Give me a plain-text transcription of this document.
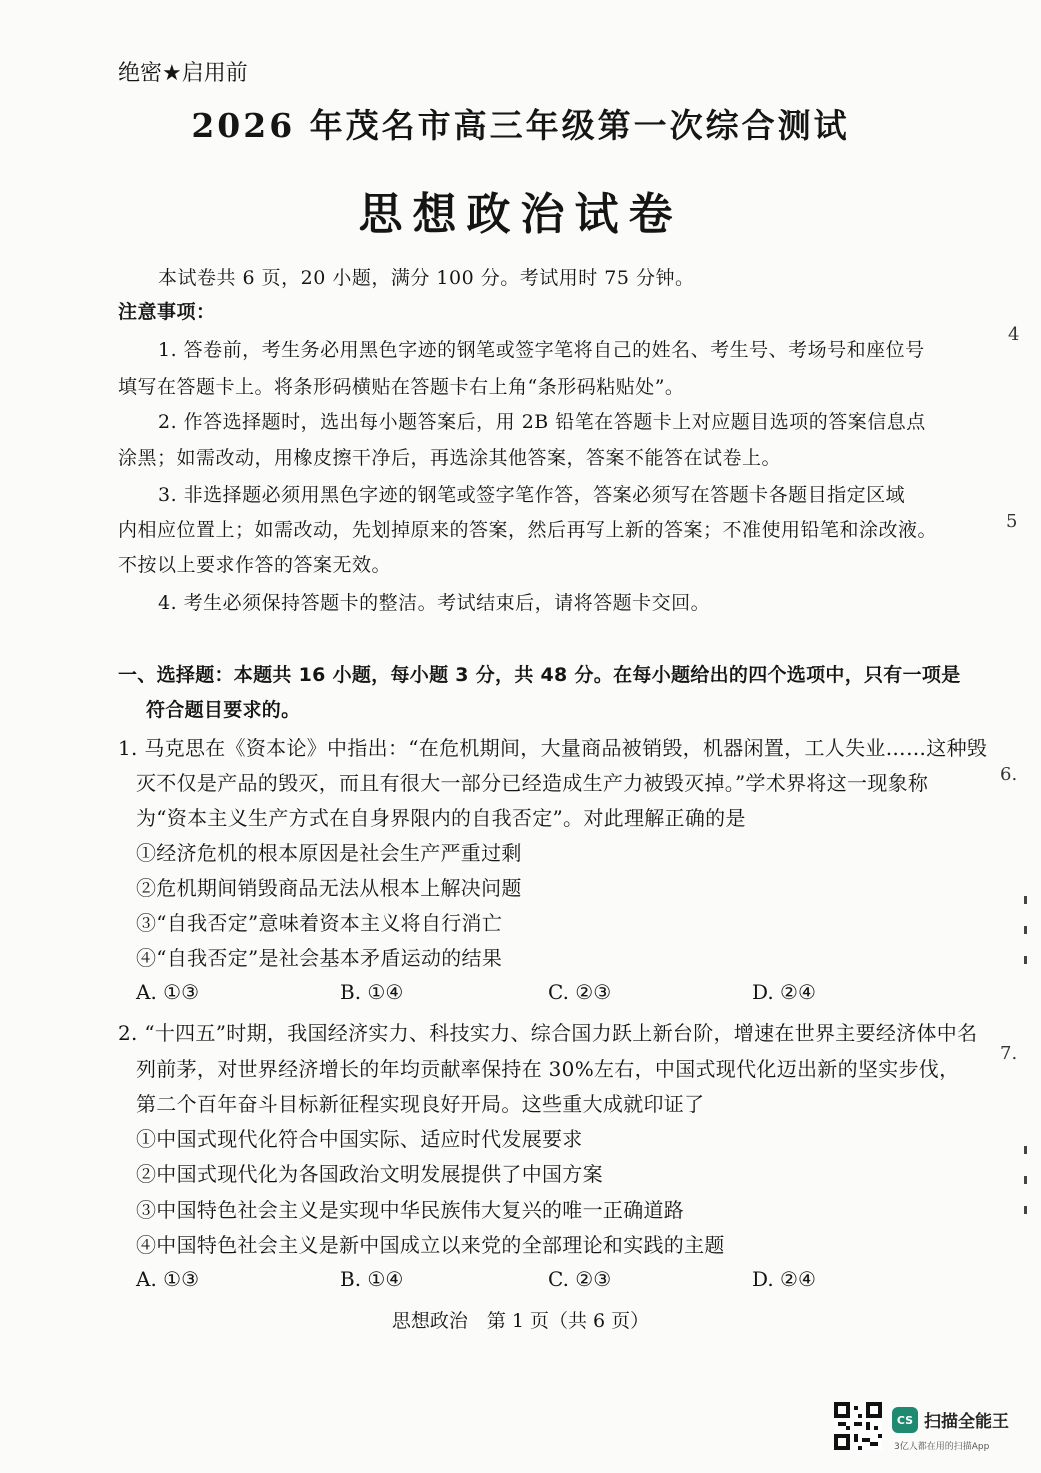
绝密★启用前
2026 年茂名市高三年级第一次综合测试
思想政治试卷
本试卷共 6 页，20 小题，满分 100 分。考试用时 75 分钟。
注意事项：
1. 答卷前，考生务必用黑色字迹的钢笔或签字笔将自己的姓名、考生号、考场号和座位号
填写在答题卡上。将条形码横贴在答题卡右上角“条形码粘贴处”。
2. 作答选择题时，选出每小题答案后，用 2B 铅笔在答题卡上对应题目选项的答案信息点
涂黑；如需改动，用橡皮擦干净后，再选涂其他答案，答案不能答在试卷上。
3. 非选择题必须用黑色字迹的钢笔或签字笔作答，答案必须写在答题卡各题目指定区域
内相应位置上；如需改动，先划掉原来的答案，然后再写上新的答案；不准使用铅笔和涂改液。
不按以上要求作答的答案无效。
4. 考生必须保持答题卡的整洁。考试结束后，请将答题卡交回。
一、选择题：本题共 16 小题，每小题 3 分，共 48 分。在每小题给出的四个选项中，只有一项是
符合题目要求的。
1. 马克思在《资本论》中指出：“在危机期间，大量商品被销毁，机器闲置，工人失业……这种毁
灭不仅是产品的毁灭，而且有很大一部分已经造成生产力被毁灭掉。”学术界将这一现象称
为“资本主义生产方式在自身界限内的自我否定”。对此理解正确的是
①经济危机的根本原因是社会生产严重过剩
②危机期间销毁商品无法从根本上解决问题
③“自我否定”意味着资本主义将自行消亡
④“自我否定”是社会基本矛盾运动的结果
A. ①③	B. ①④	C. ②③	D. ②④
2. “十四五”时期，我国经济实力、科技实力、综合国力跃上新台阶，增速在世界主要经济体中名
列前茅，对世界经济增长的年均贡献率保持在 30%左右，中国式现代化迈出新的坚实步伐，
第二个百年奋斗目标新征程实现良好开局。这些重大成就印证了
①中国式现代化符合中国实际、适应时代发展要求
②中国式现代化为各国政治文明发展提供了中国方案
③中国特色社会主义是实现中华民族伟大复兴的唯一正确道路
④中国特色社会主义是新中国成立以来党的全部理论和实践的主题
A. ①③	B. ①④	C. ②③	D. ②④
4
5
6.
7.
思想政治　第 1 页（共 6 页）
CS 扫描全能王
3亿人都在用的扫描App
